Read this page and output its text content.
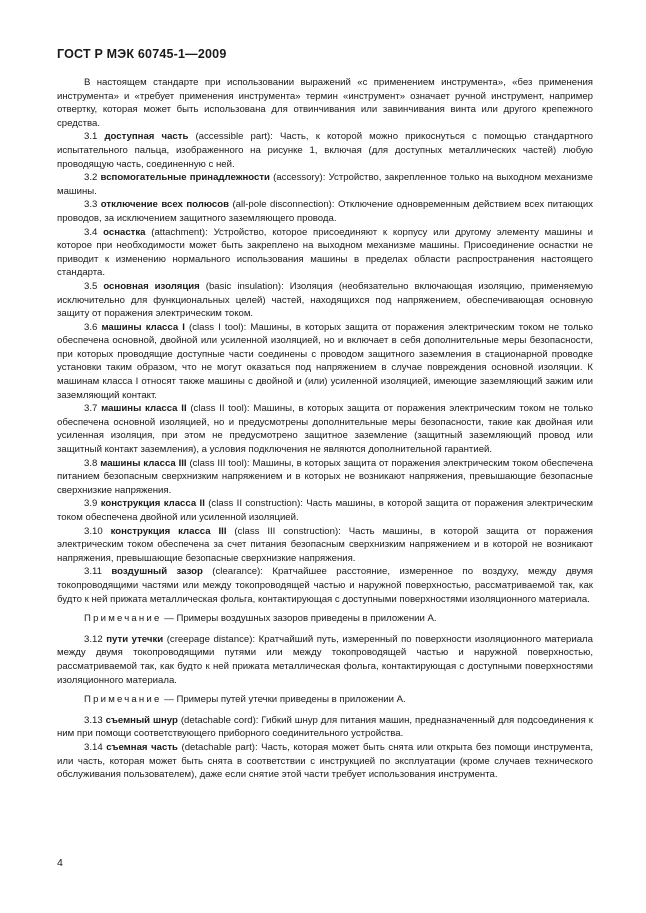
ГОСТ Р МЭК 60745-1—2009

В настоящем стандарте при использовании выражений «с применением инструмента», «без применения инструмента» и «требует применения инструмента» термин «инструмент» означает ручной инструмент, например отвертку, которая может быть использована для отвинчивания или завинчивания винта или другого крепежного средства.

3.1 доступная часть (accessible part): Часть, к которой можно прикоснуться с помощью стандартного испытательного пальца, изображенного на рисунке 1, включая (для доступных металлических частей) любую проводящую часть, соединенную с ней.

3.2 вспомогательные принадлежности (accessory): Устройство, закрепленное только на выходном механизме машины.

3.3 отключение всех полюсов (all-pole disconnection): Отключение одновременным действием всех питающих проводов, за исключением защитного заземляющего провода.

3.4 оснастка (attachment): Устройство, которое присоединяют к корпусу или другому элементу машины и которое при необходимости может быть закреплено на выходном механизме машины. Присоединение оснастки не приводит к изменению нормального использования машины в пределах области распространения настоящего стандарта.

3.5 основная изоляция (basic insulation): Изоляция (необязательно включающая изоляцию, применяемую исключительно для функциональных целей) частей, находящихся под напряжением, обеспечивающая основную защиту от поражения электрическим током.

3.6 машины класса I (class I tool): Машины, в которых защита от поражения электрическим током не только обеспечена основной, двойной или усиленной изоляцией, но и включает в себя дополнительные меры безопасности, при которых проводящие доступные части соединены с проводом защитного заземления в стационарной проводке установки таким образом, что не могут оказаться под напряжением в случае повреждения основной изоляции. К машинам класса I относят также машины с двойной и (или) усиленной изоляцией, имеющие заземляющий зажим или заземляющий контакт.

3.7 машины класса II (class II tool): Машины, в которых защита от поражения электрическим током не только обеспечена основной изоляцией, но и предусмотрены дополнительные меры безопасности, такие как двойная или усиленная изоляция, при этом не предусмотрено защитное заземление (защитный заземляющий провод или защитный контакт заземления), а условия подключения не являются дополнительной гарантией.

3.8 машины класса III (class III tool): Машины, в которых защита от поражения электрическим током обеспечена питанием безопасным сверхнизким напряжением и в которых не возникают напряжения, превышающие безопасные сверхнизкие напряжения.

3.9 конструкция класса II (class II construction): Часть машины, в которой защита от поражения электрическим током обеспечена двойной или усиленной изоляцией.

3.10 конструкция класса III (class III construction): Часть машины, в которой защита от поражения электрическим током обеспечена за счет питания безопасным сверхнизким напряжением и в которой не возникают напряжения, превышающие безопасные сверхнизкие напряжения.

3.11 воздушный зазор (clearance): Кратчайшее расстояние, измеренное по воздуху, между двумя токопроводящими частями или между токопроводящей частью и наружной поверхностью, рассматриваемой так, как будто к ней прижата металлическая фольга, контактирующая с доступными поверхностями изоляционного материала.

Примечание — Примеры воздушных зазоров приведены в приложении А.

3.12 пути утечки (creepage distance): Кратчайший путь, измеренный по поверхности изоляционного материала между двумя токопроводящими путями или между токопроводящей частью и наружной поверхностью, рассматриваемой так, как будто к ней прижата металлическая фольга, контактирующая с доступными поверхностями изоляционного материала.

Примечание — Примеры путей утечки приведены в приложении А.

3.13 съемный шнур (detachable cord): Гибкий шнур для питания машин, предназначенный для подсоединения к ним при помощи соответствующего приборного соединительного устройства.

3.14 съемная часть (detachable part): Часть, которая может быть снята или открыта без помощи инструмента, или часть, которая может быть снята в соответствии с инструкцией по эксплуатации (кроме случаев технического обслуживания пользователем), даже если снятие этой части требует использования инструмента.

4
